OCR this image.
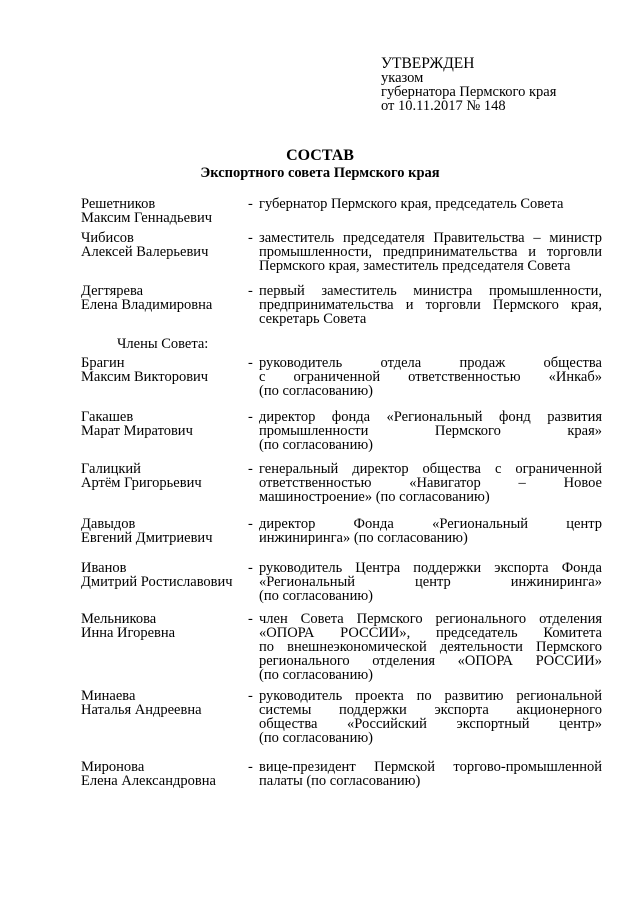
УТВЕРЖДЕН
указом
губернатора Пермского края
от 10.11.2017 № 148
СОСТАВ
Экспортного совета Пермского края
Члены Совета:
Решетников
Максим Геннадьевич
- губернатор Пермского края, председатель Совета
Чибисов
Алексей Валерьевич
- заместитель председателя Правительства – министр
промышленности, предпринимательства и торговли
Пермского края, заместитель председателя Совета
Дегтярева
Елена Владимировна
- первый заместитель министра промышленности,
предпринимательства и торговли Пермского края,
секретарь Совета
Брагин
Максим Викторович
- руководитель отдела продаж общества
с ограниченной ответственностью «Инкаб»
(по согласованию)
Гакашев
Марат Миратович
- директор фонда «Региональный фонд развития
промышленности Пермского края»
(по согласованию)
Галицкий
Артём Григорьевич
- генеральный директор общества с ограниченной
ответственностью «Навигатор – Новое
машиностроение» (по согласованию)
Давыдов
Евгений Дмитриевич
- директор Фонда «Региональный центр
инжиниринга» (по согласованию)
Иванов
Дмитрий Ростиславович
- руководитель Центра поддержки экспорта Фонда
«Региональный центр инжиниринга»
(по согласованию)
Мельникова
Инна Игоревна
- член Совета Пермского регионального отделения
«ОПОРА РОССИИ», председатель Комитета
по внешнеэкономической деятельности Пермского
регионального отделения «ОПОРА РОССИИ»
(по согласованию)
Минаева
Наталья Андреевна
- руководитель проекта по развитию региональной
системы поддержки экспорта акционерного
общества «Российский экспортный центр»
(по согласованию)
Миронова
Елена Александровна
- вице-президент Пермской торгово-промышленной
палаты (по согласованию)
